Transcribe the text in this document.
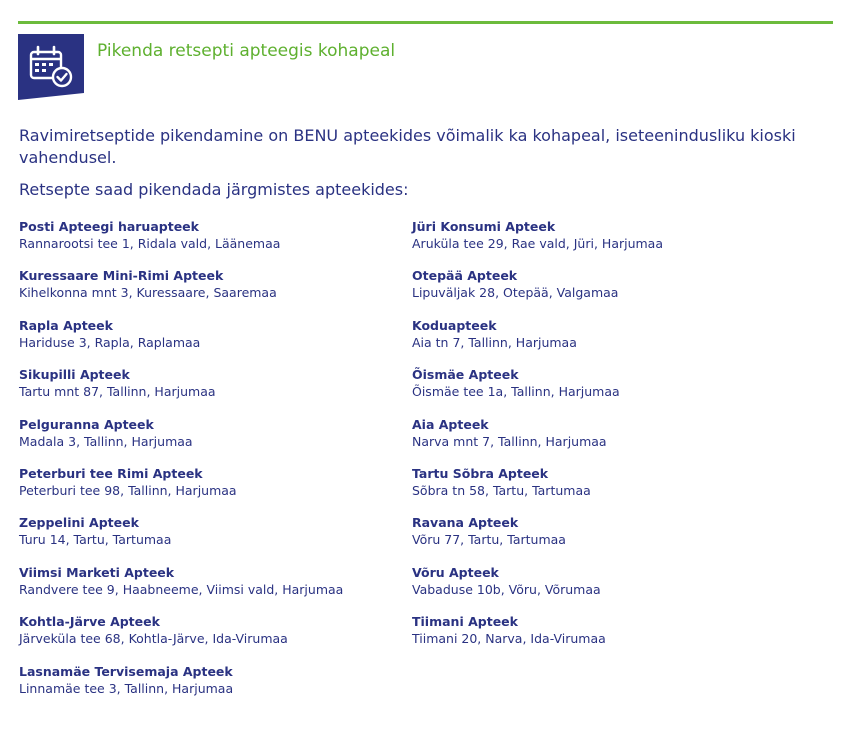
Pikenda retsepti apteegis kohapeal
Ravimiretseptide pikendamine on BENU apteekides võimalik ka kohapeal, iseteenindusliku kioski vahendusel.
Retsepte saad pikendada järgmistes apteekides:
Posti Apteegi haruapteek
Rannarootsi tee 1, Ridala vald, Läänemaa
Kuressaare Mini-Rimi Apteek
Kihelkonna mnt 3, Kuressaare, Saaremaa
Rapla Apteek
Hariduse 3, Rapla, Raplamaa
Sikupilli Apteek
Tartu mnt 87, Tallinn, Harjumaa
Pelguranna Apteek
Madala 3, Tallinn, Harjumaa
Peterburi tee Rimi Apteek
Peterburi tee 98, Tallinn, Harjumaa
Zeppelini Apteek
Turu 14, Tartu, Tartumaa
Viimsi Marketi Apteek
Randvere tee 9, Haabneeme, Viimsi vald, Harjumaa
Kohtla-Järve Apteek
Järveküla tee 68, Kohtla-Järve, Ida-Virumaa
Lasnamäe Tervisemaja Apteek
Linnamäe tee 3, Tallinn, Harjumaa
Jüri Konsumi Apteek
Aruküla tee 29, Rae vald, Jüri, Harjumaa
Otepää Apteek
Lipuväljak 28, Otepää, Valgamaa
Koduapteek
Aia tn 7, Tallinn, Harjumaa
Õismäe Apteek
Õismäe tee 1a, Tallinn, Harjumaa
Aia Apteek
Narva mnt 7, Tallinn, Harjumaa
Tartu Sõbra Apteek
Sõbra tn 58, Tartu, Tartumaa
Ravana Apteek
Võru 77, Tartu, Tartumaa
Võru Apteek
Vabaduse 10b, Võru, Võrumaa
Tiimani Apteek
Tiimani 20, Narva, Ida-Virumaa
